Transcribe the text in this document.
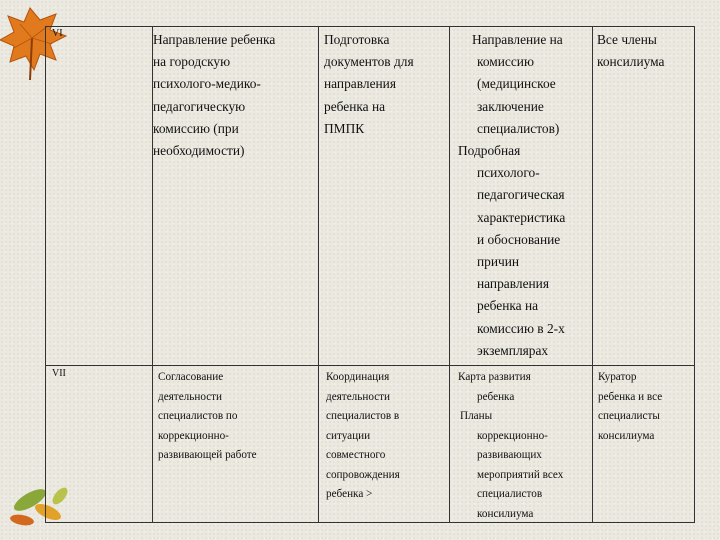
VI	Направление ребенка

на городскую

психолого-медико-

педагогическую

комиссию (при

необходимости)

Подготовка

документов для

направления

ребенка на

ПМПК

Направление на

комиссию

(медицинское

заключение

специалистов)

Подробная

психолого-

педагогическая

характеристика

и обоснование

причин

направления

ребенка на

комиссию в 2-х

экземплярах

Все члены

консилиума

VII	Согласование

деятельности

специалистов по

коррекционно-

развивающей работе

Координация

деятельности

специалистов в

ситуации

совместного

сопровождения

ребенка >

Карта развития

ребенка

Планы

коррекционно-

развивающих

мероприятий всех

специалистов

консилиума

Куратор

ребенка и все

специалисты

консилиума
